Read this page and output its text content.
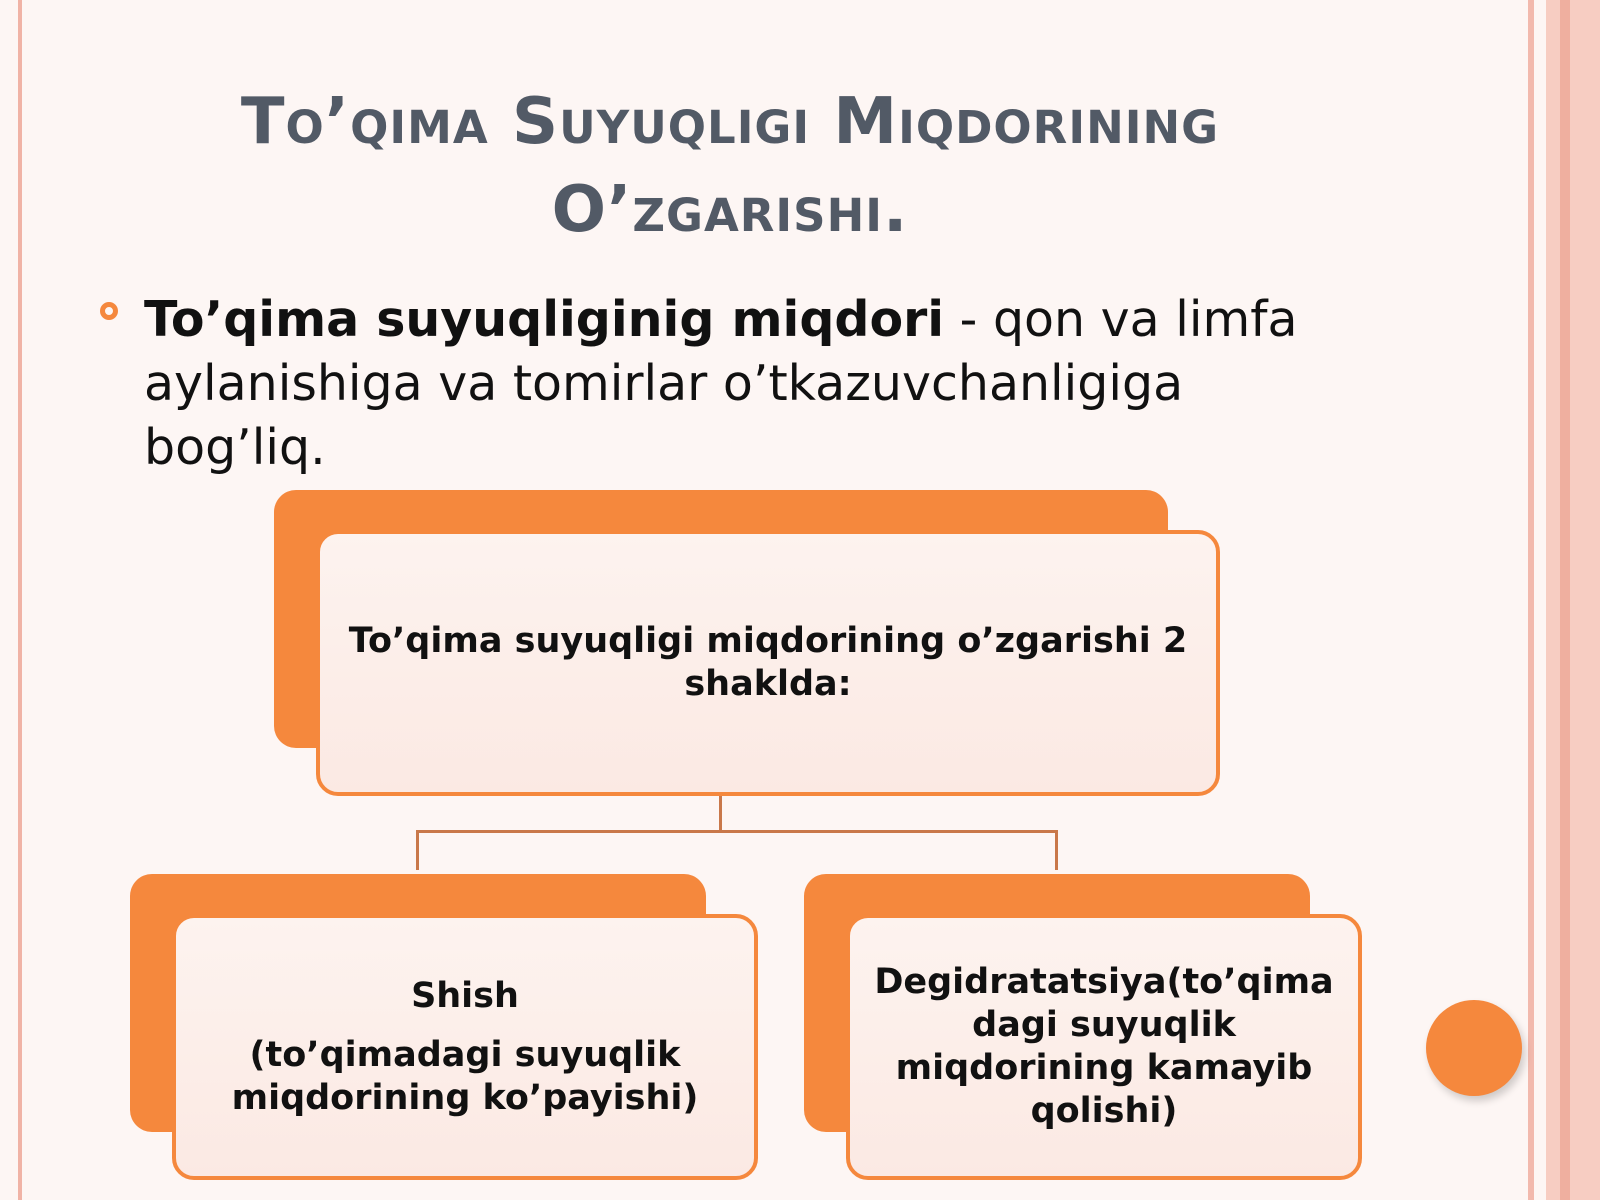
To’qima Suyuqligi Miqdorining
O’zgarishi.
To’qima suyuqliginig miqdori - qon va limfa aylanishiga va tomirlar o’tkazuvchanligiga bog’liq.
To’qima suyuqligi miqdorining o’zgarishi 2 shaklda:
Shish
(to’qimadagi suyuqlik miqdorining ko’payishi)
Degidratatsiya(to’qima dagi suyuqlik miqdorining kamayib qolishi)
